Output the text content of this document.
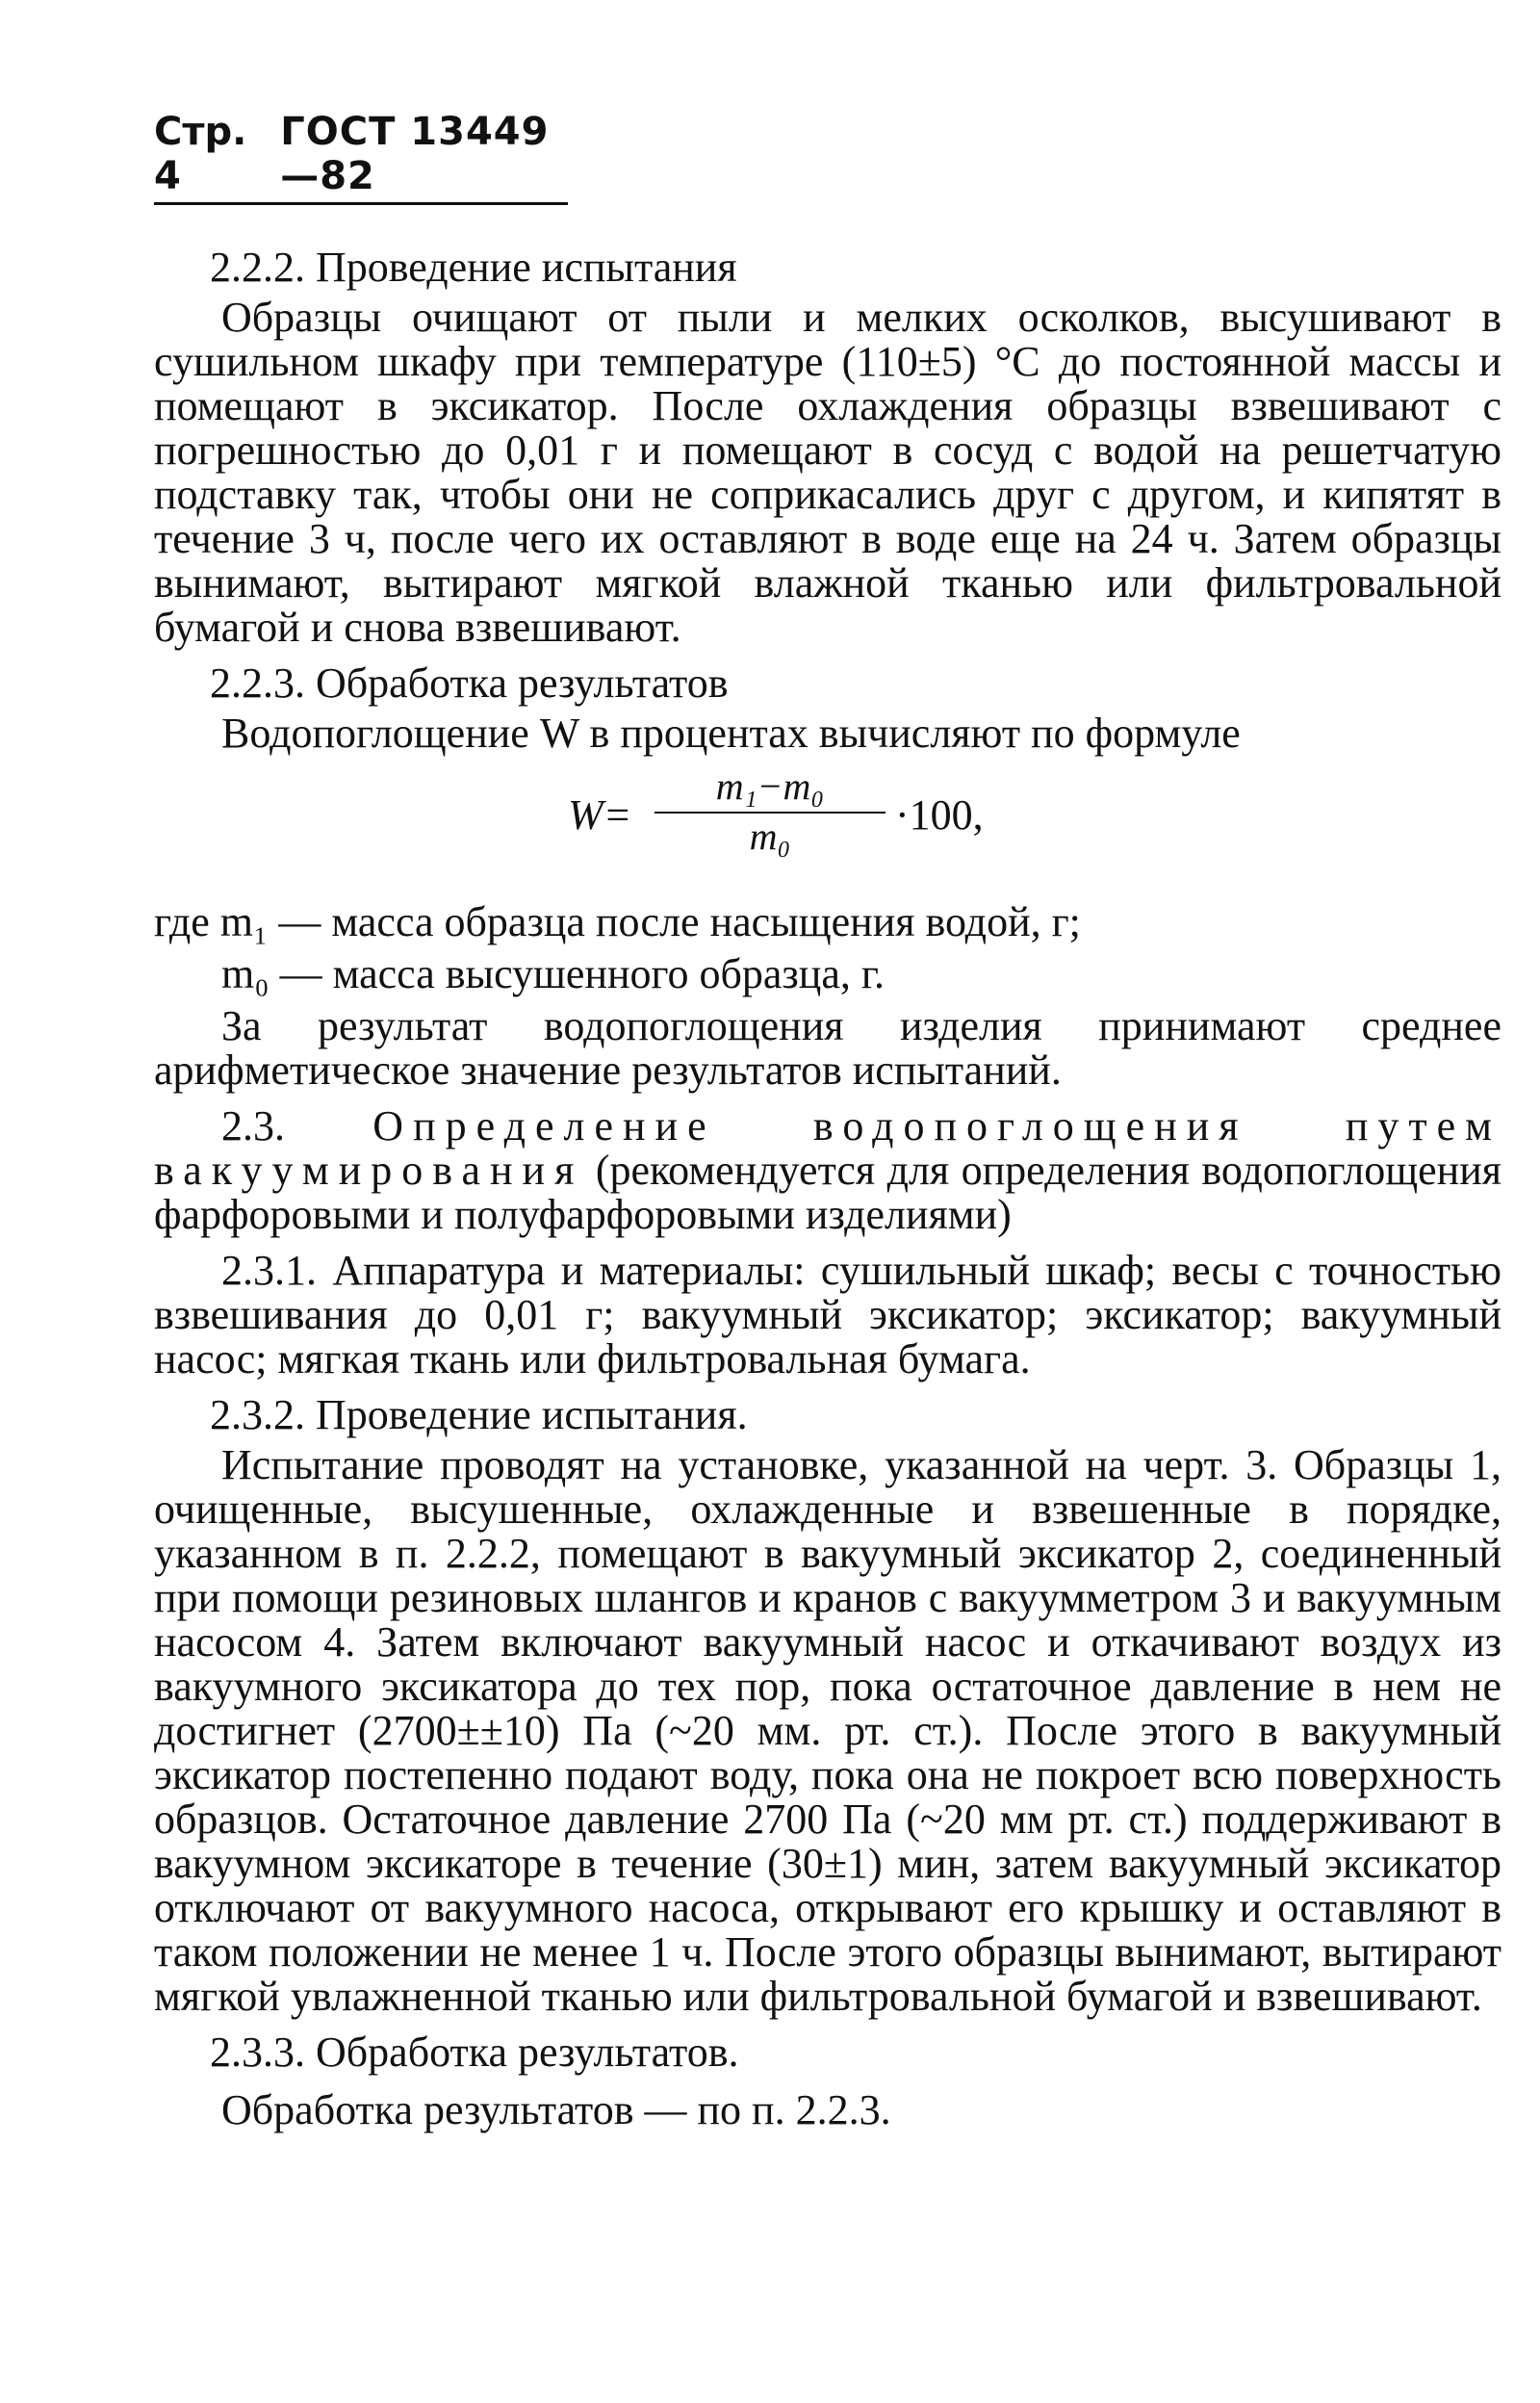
Стр. 4
ГОСТ 13449—82

2.2.2. Проведение испытания

Образцы очищают от пыли и мелких осколков, высушивают в сушильном шкафу при температуре (110±5) °С до постоянной массы и помещают в эксикатор. После охлаждения образцы взвешивают с погрешностью до 0,01 г и помещают в сосуд с водой на решетчатую подставку так, чтобы они не соприкасались друг с другом, и кипятят в течение 3 ч, после чего их оставляют в воде еще на 24 ч. Затем образцы вынимают, вытирают мягкой влажной тканью или фильтровальной бумагой и снова взвешивают.

2.2.3. Обработка результатов

Водопоглощение W в процентах вычисляют по формуле

W=
m₁−m₀
m₀	·100,

где m₁ — масса образца после насыщения водой, г;

m₀ — масса высушенного образца, г.

За результат водопоглощения изделия принимают среднее арифметическое значение результатов испытаний.

2.3. Определение водопоглощения путем вакуумирования (рекомендуется для определения водопоглощения фарфоровыми и полуфарфоровыми изделиями)

2.3.1. Аппаратура и материалы: сушильный шкаф; весы с точностью взвешивания до 0,01 г; вакуумный эксикатор; эксикатор; вакуумный насос; мягкая ткань или фильтровальная бумага.

2.3.2. Проведение испытания.

Испытание проводят на установке, указанной на черт. 3. Образцы 1, очищенные, высушенные, охлажденные и взвешенные в порядке, указанном в п. 2.2.2, помещают в вакуумный эксикатор 2, соединенный при помощи резиновых шлангов и кранов с вакуумметром 3 и вакуумным насосом 4. Затем включают вакуумный насос и откачивают воздух из вакуумного эксикатора до тех пор, пока остаточное давление в нем не достигнет (2700±±10) Па (~20 мм. рт. ст.). После этого в вакуумный эксикатор постепенно подают воду, пока она не покроет всю поверхность образцов. Остаточное давление 2700 Па (~20 мм рт. ст.) поддерживают в вакуумном эксикаторе в течение (30±1) мин, затем вакуумный эксикатор отключают от вакуумного насоса, открывают его крышку и оставляют в таком положении не менее 1 ч. После этого образцы вынимают, вытирают мягкой увлажненной тканью или фильтровальной бумагой и взвешивают.

2.3.3. Обработка результатов.

Обработка результатов — по п. 2.2.3.
